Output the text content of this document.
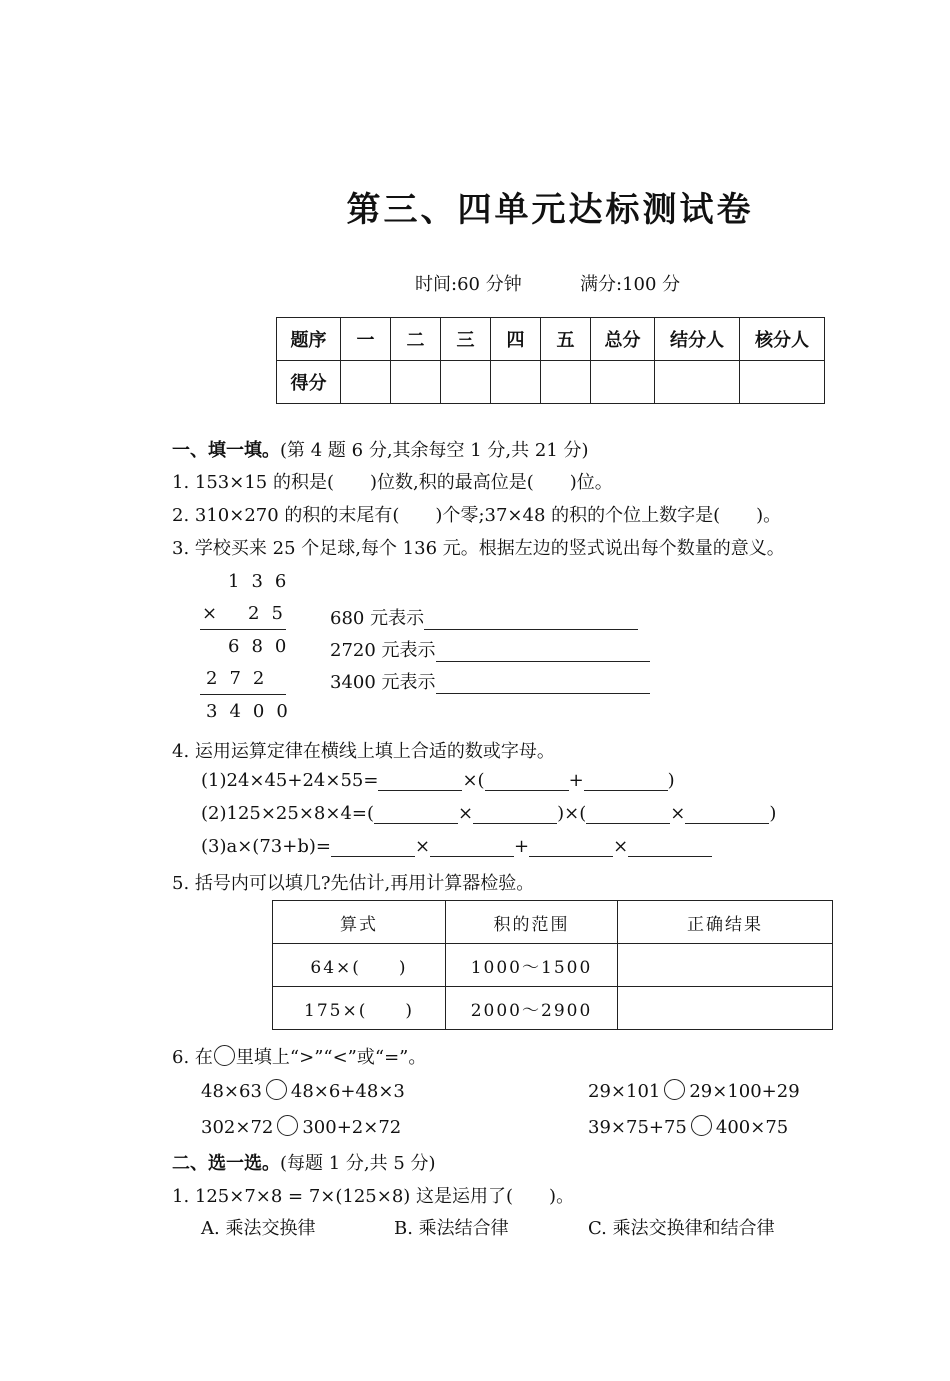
第三、四单元达标测试卷
时间:60 分钟	满分:100 分
题序	一	二	三	四	五	总分	结分人	核分人
得分								
一、填一填。(第 4 题 6 分,其余每空 1 分,共 21 分)
1. 153×15 的积是(　　)位数,积的最高位是(　　)位。
2. 310×270 的积的末尾有(　　)个零;37×48 的积的个位上数字是(　　)。
3. 学校买来 25 个足球,每个 136 元。根据左边的竖式说出每个数量的意义。
136
× 25
680
272
3400
680 元表示
2720 元表示
3400 元表示
4. 运用运算定律在横线上填上合适的数或字母。
(1)24×45+24×55=	×(	+	)
(2)125×25×8×4=(	×	)×(	×	)
(3)a×(73+b)=	×	+	×
5. 括号内可以填几?先估计,再用计算器检验。
算式	积的范围	正确结果
64×(　　)	1000～1500	
175×(　　)	2000～2900	
6. 在 里填上“>”“<”或“=”。
48×63 48×6+48×3	29×101 29×100+29
302×72 300+2×72	39×75+75 400×75
二、选一选。(每题 1 分,共 5 分)
1. 125×7×8 = 7×(125×8) 这是运用了(　　)。
A. 乘法交换律	B. 乘法结合律	C. 乘法交换律和结合律
